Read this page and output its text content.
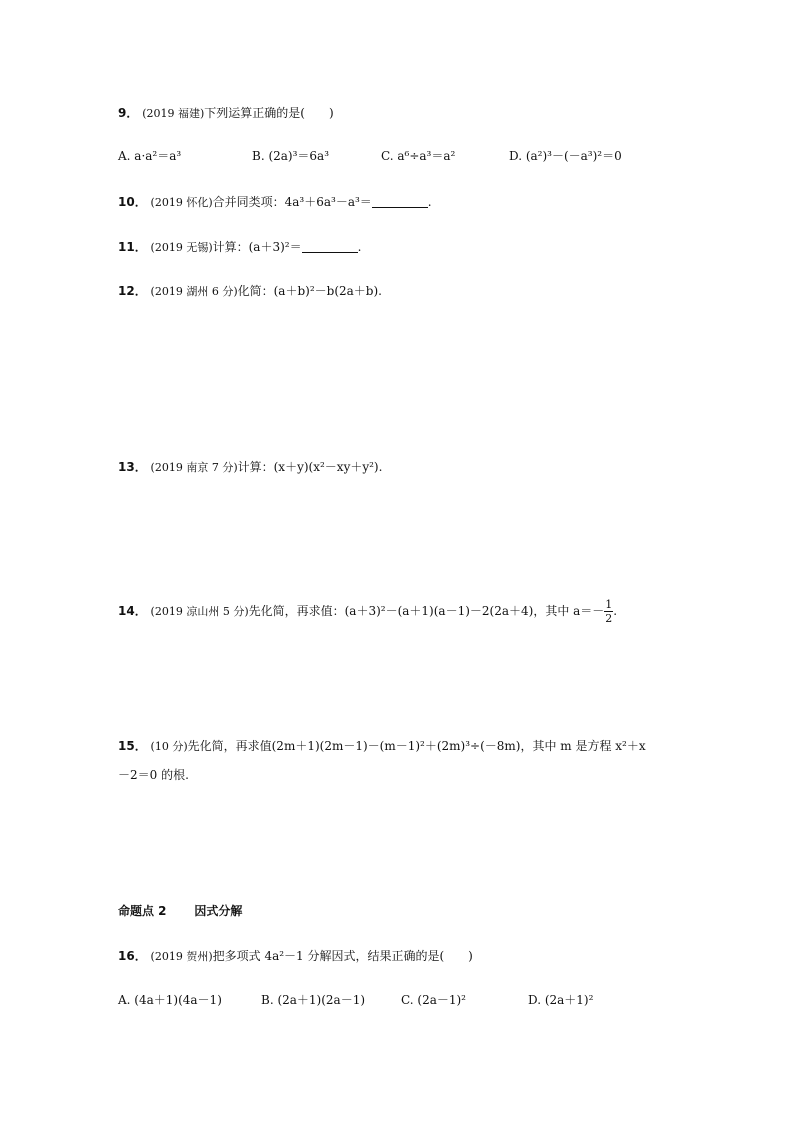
9． (2019 福建)下列运算正确的是(　　)
A. a·a²＝a³	B. (2a)³＝6a³	C. a⁶÷a³＝a²	D. (a²)³－(－a³)²＝0
10． (2019 怀化)合并同类项：4a³＋6a³－a³＝	.
11． (2019 无锡)计算：(a＋3)²＝	.
12． (2019 湖州 6 分)化简：(a＋b)²－b(2a＋b).
13． (2019 南京 7 分)计算：(x＋y)(x²－xy＋y²).
14． (2019 凉山州 5 分)先化简，再求值：(a＋3)²－(a＋1)(a－1)－2(2a＋4)，其中 $a=- \frac{1}{2}$ .
15． (10 分)先化简，再求值(2m＋1)(2m－1)－(m－1)²＋(2m)³÷(－8m)，其中 m 是方程 x²＋x
－2＝0 的根.
命题点 2 因式分解
16． (2019 贺州)把多项式 4a²－1 分解因式，结果正确的是(　　)
A. (4a＋1)(4a－1)	B. (2a＋1)(2a－1)	C. (2a－1)²	D. (2a＋1)²
